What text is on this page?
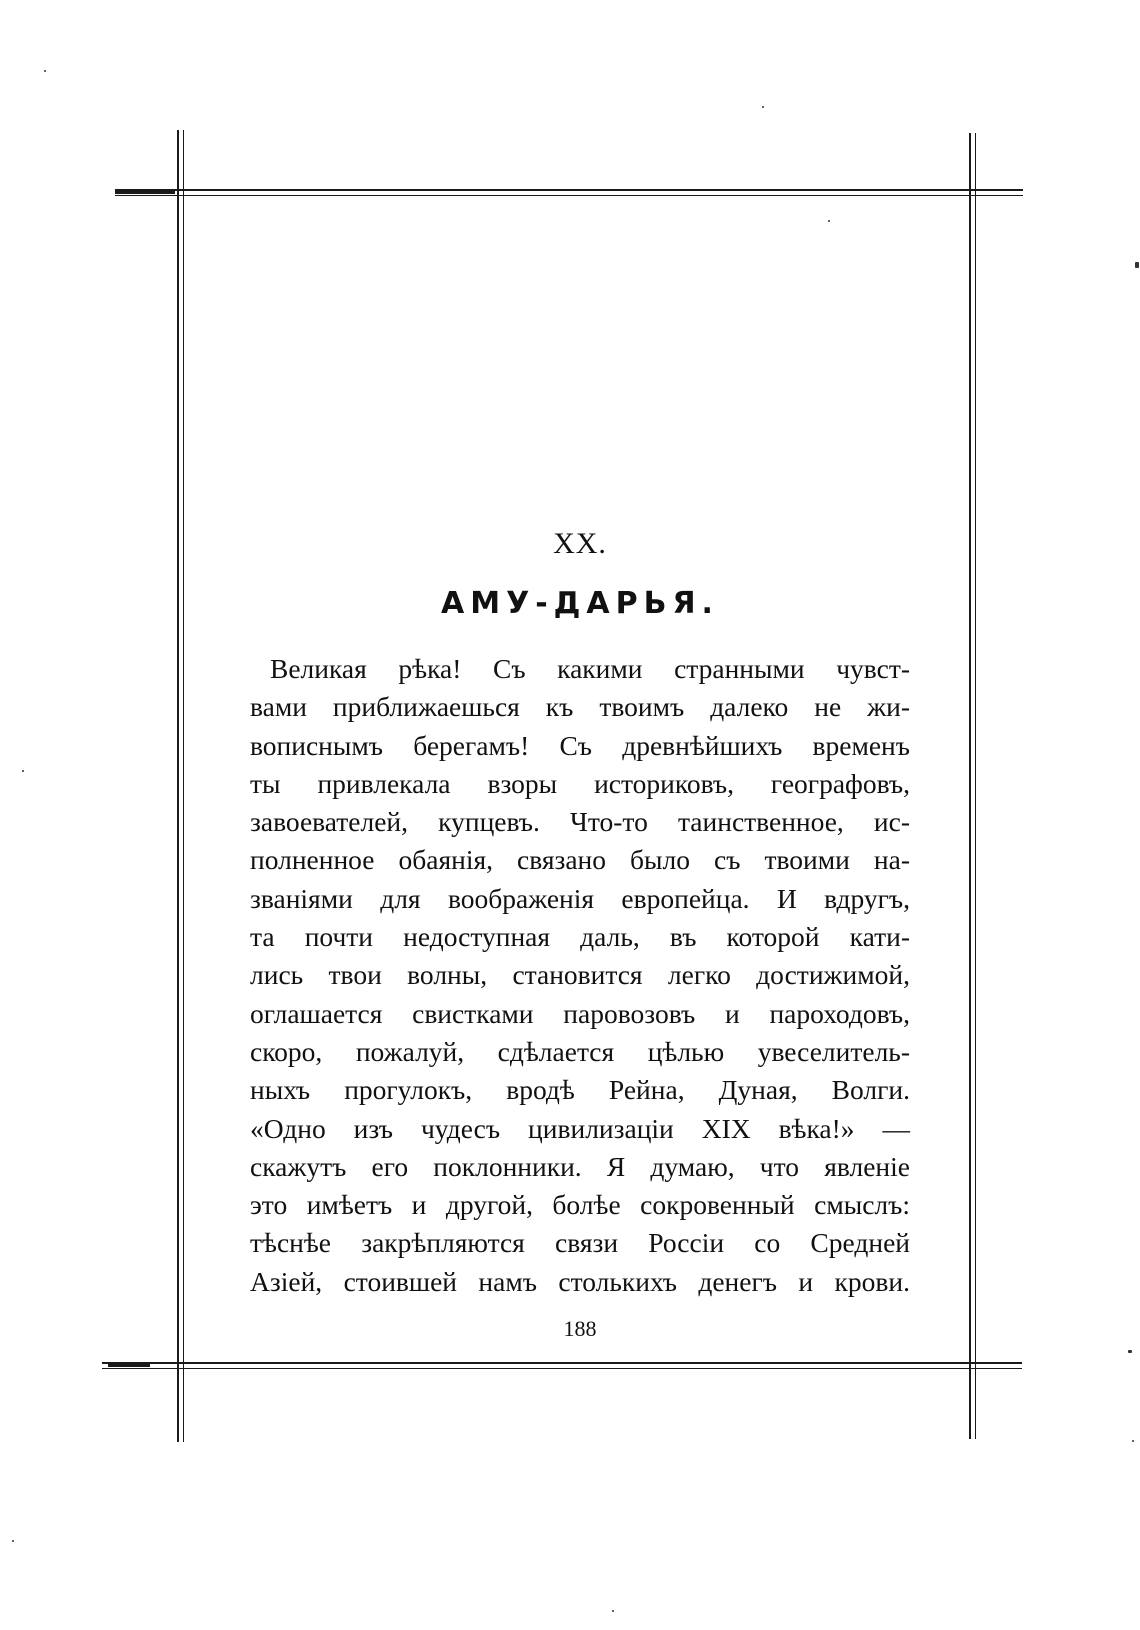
XX.
АМУ-ДАРЬЯ.
Великая рѣка! Съ какими странными чувст-
вами приближаешься къ твоимъ далеко не жи-
вописнымъ берегамъ! Съ древнѣйшихъ временъ
ты привлекала взоры историковъ, географовъ,
завоевателей, купцевъ. Что-то таинственное, ис-
полненное обаянія, связано было съ твоими на-
званіями для воображенія европейца. И вдругъ,
та почти недоступная даль, въ которой кати-
лись твои волны, становится легко достижимой,
оглашается свистками паровозовъ и пароходовъ,
скоро, пожалуй, сдѣлается цѣлью увеселитель-
ныхъ прогулокъ, вродѣ Рейна, Дуная, Волги.
«Одно изъ чудесъ цивилизаціи XIX вѣка!» —
скажутъ его поклонники. Я думаю, что явленіе
это имѣетъ и другой, болѣе сокровенный смыслъ:
тѣснѣе закрѣпляются связи Россіи со Средней
Азіей, стоившей намъ столькихъ денегъ и крови.
188
